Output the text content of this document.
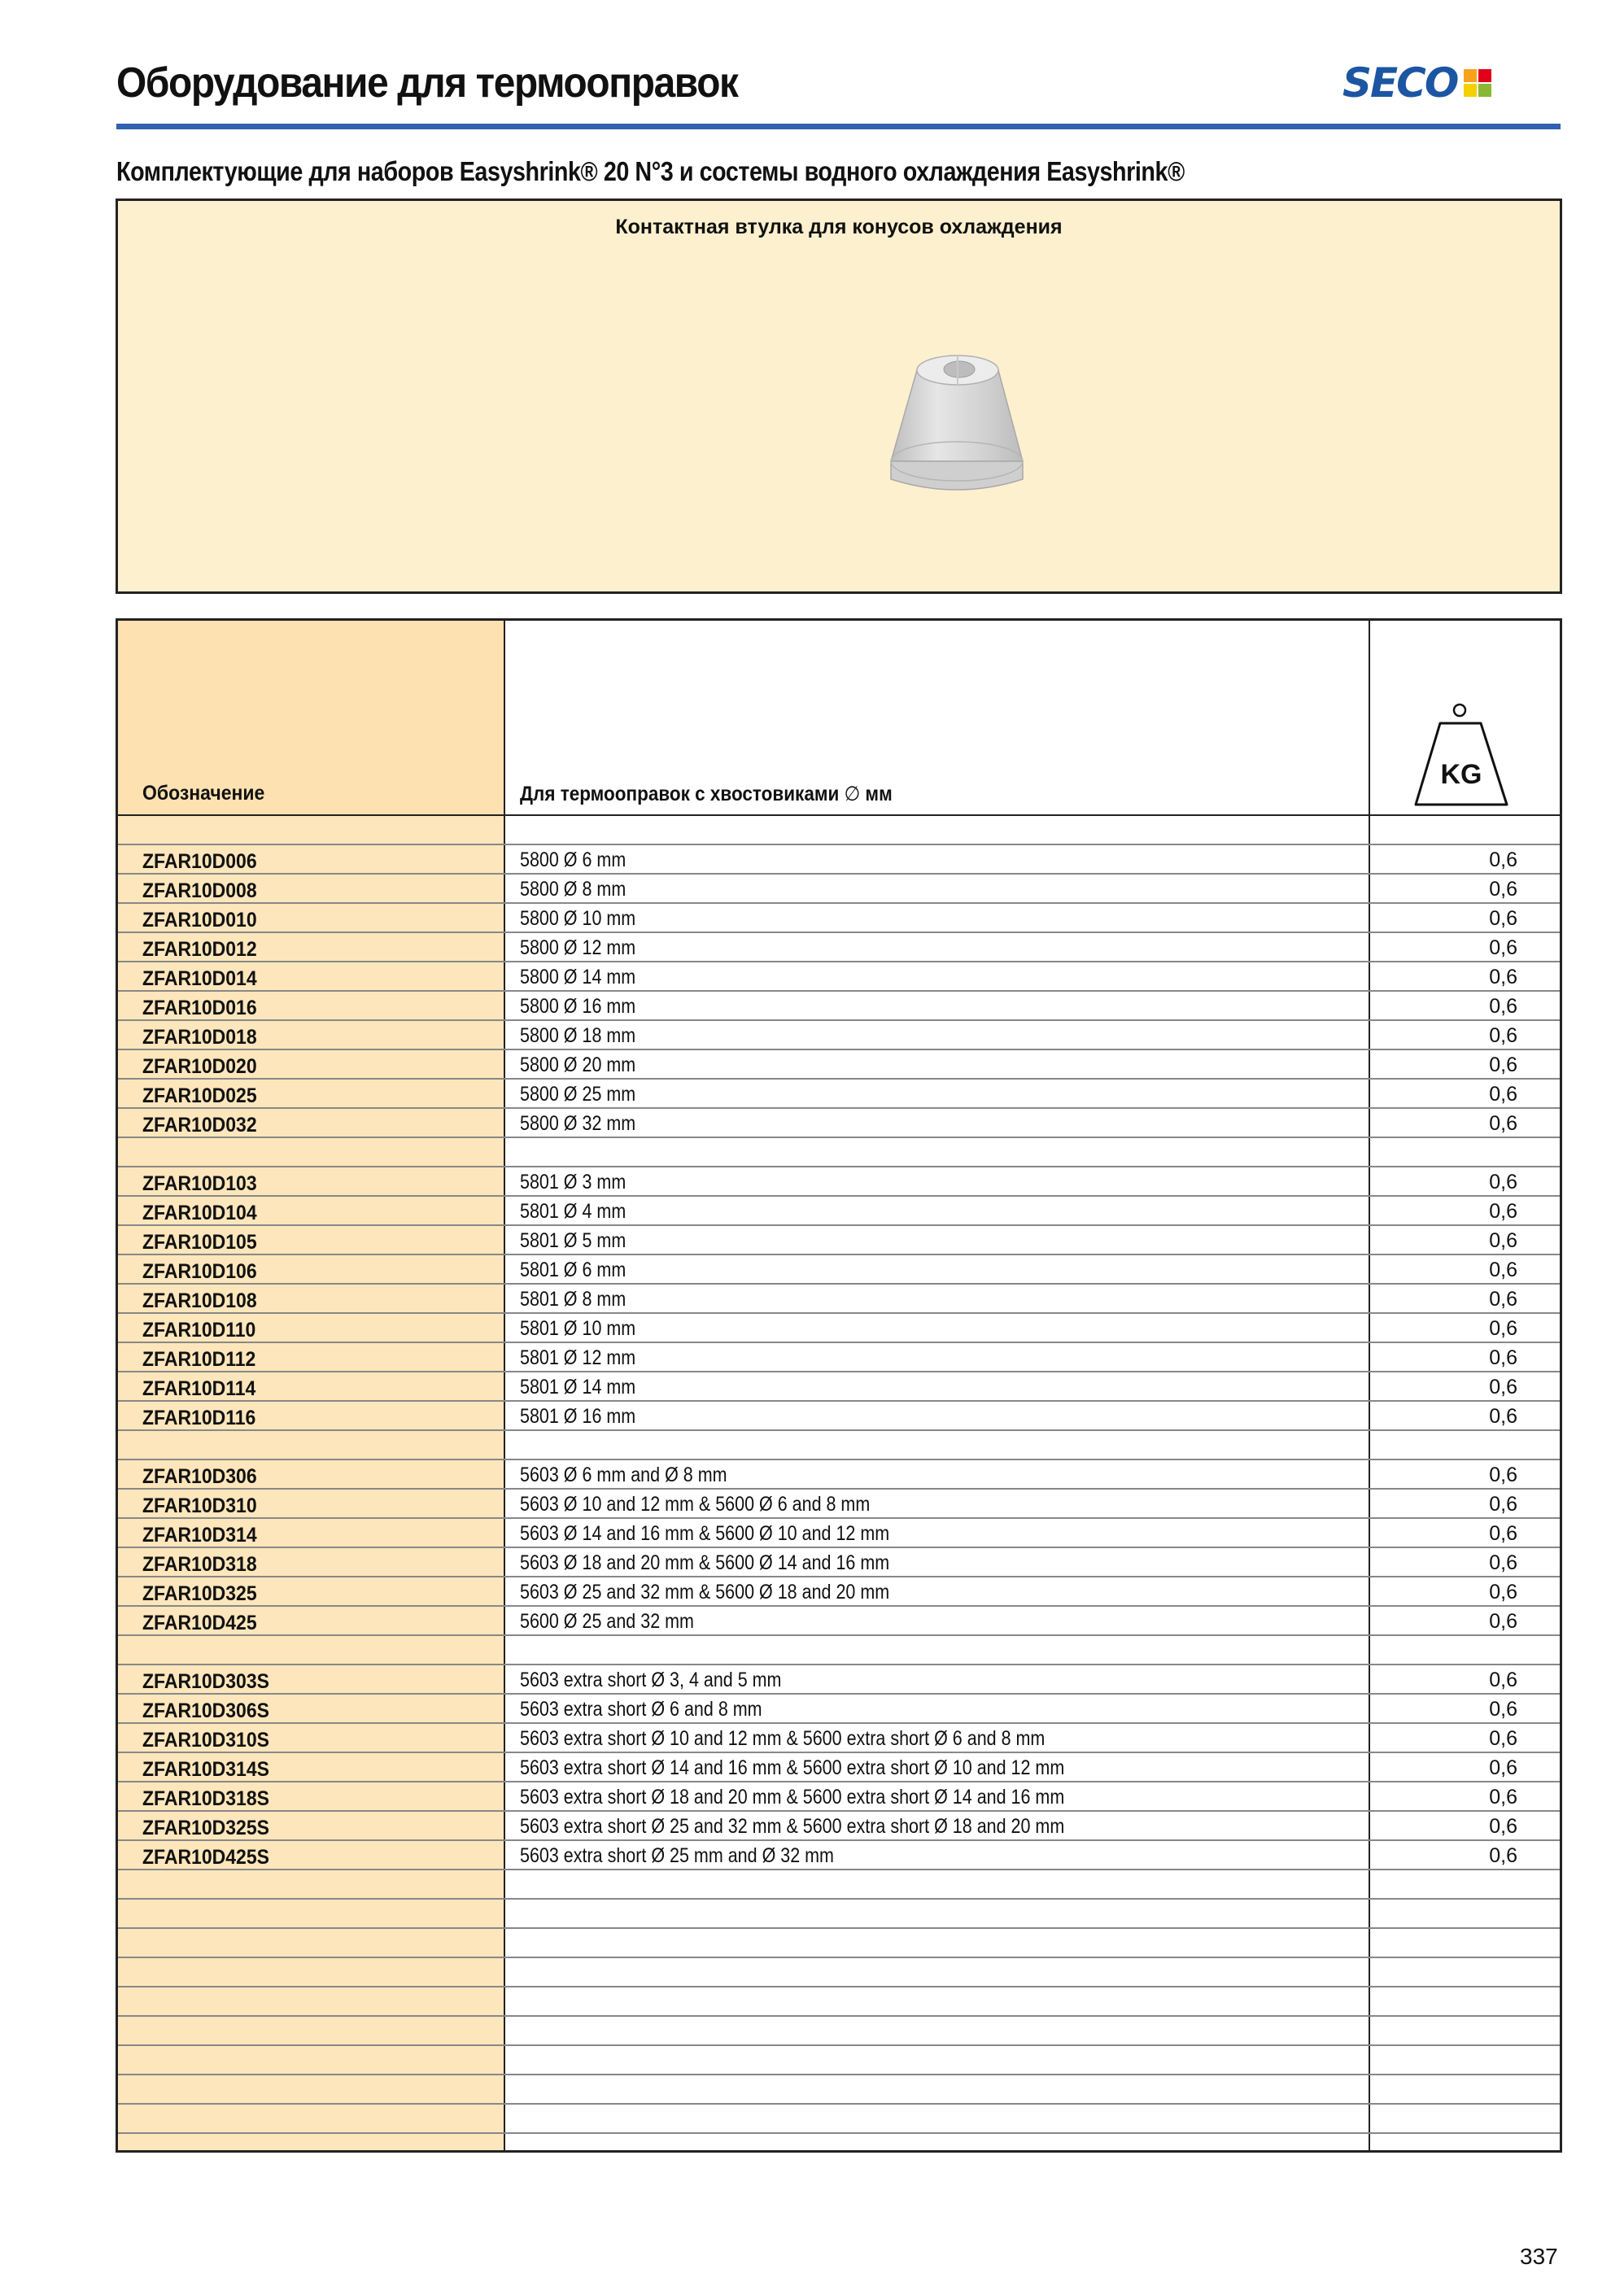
Оборудование для термооправок	SECO
Комплектующие для наборов Easyshrink® 20 N°3 и состемы водного охлаждения Easyshrink®
Контактная втулка для конусов охлаждения
Обозначение	Для термооправок с хвостовиками ∅ мм
KG
ZFAR10D006	5800 Ø 6 mm	0,6
ZFAR10D008	5800 Ø 8 mm	0,6
ZFAR10D010	5800 Ø 10 mm	0,6
ZFAR10D012	5800 Ø 12 mm	0,6
ZFAR10D014	5800 Ø 14 mm	0,6
ZFAR10D016	5800 Ø 16 mm	0,6
ZFAR10D018	5800 Ø 18 mm	0,6
ZFAR10D020	5800 Ø 20 mm	0,6
ZFAR10D025	5800 Ø 25 mm	0,6
ZFAR10D032	5800 Ø 32 mm	0,6
ZFAR10D103	5801 Ø 3 mm	0,6
ZFAR10D104	5801 Ø 4 mm	0,6
ZFAR10D105	5801 Ø 5 mm	0,6
ZFAR10D106	5801 Ø 6 mm	0,6
ZFAR10D108	5801 Ø 8 mm	0,6
ZFAR10D110	5801 Ø 10 mm	0,6
ZFAR10D112	5801 Ø 12 mm	0,6
ZFAR10D114	5801 Ø 14 mm	0,6
ZFAR10D116	5801 Ø 16 mm	0,6
ZFAR10D306	5603 Ø 6 mm and Ø 8 mm	0,6
ZFAR10D310	5603 Ø 10 and 12 mm & 5600 Ø 6 and 8 mm	0,6
ZFAR10D314	5603 Ø 14 and 16 mm & 5600 Ø 10 and 12 mm	0,6
ZFAR10D318	5603 Ø 18 and 20 mm & 5600 Ø 14 and 16 mm	0,6
ZFAR10D325	5603 Ø 25 and 32 mm & 5600 Ø 18 and 20 mm	0,6
ZFAR10D425	5600 Ø 25 and 32 mm	0,6
ZFAR10D303S	5603 extra short Ø 3, 4 and 5 mm	0,6
ZFAR10D306S	5603 extra short Ø 6 and 8 mm	0,6
ZFAR10D310S	5603 extra short Ø 10 and 12 mm & 5600 extra short Ø 6 and 8 mm	0,6
ZFAR10D314S	5603 extra short Ø 14 and 16 mm & 5600 extra short Ø 10 and 12 mm	0,6
ZFAR10D318S	5603 extra short Ø 18 and 20 mm & 5600 extra short Ø 14 and 16 mm	0,6
ZFAR10D325S	5603 extra short Ø 25 and 32 mm & 5600 extra short Ø 18 and 20 mm	0,6
ZFAR10D425S	5603 extra short Ø 25 mm and Ø 32 mm	0,6
337
